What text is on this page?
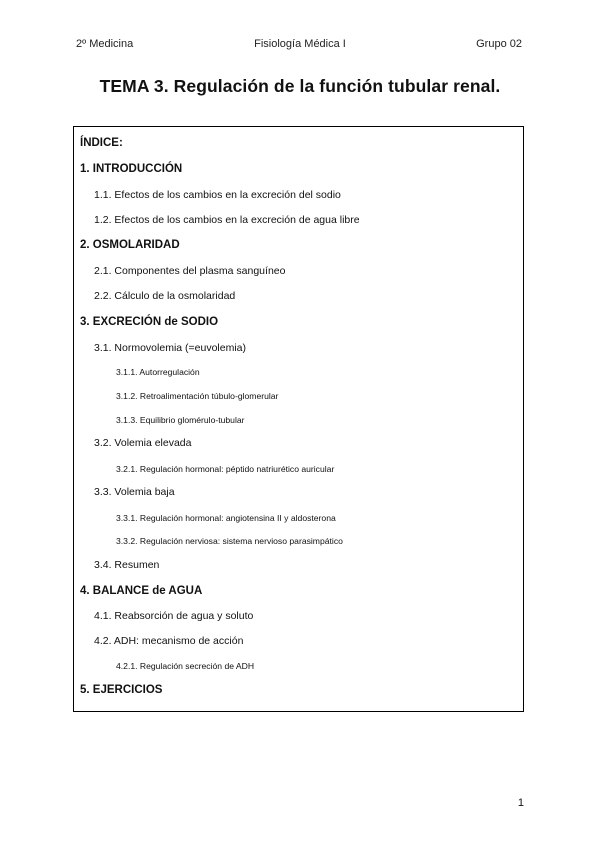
2º Medicina	Fisiología Médica I	Grupo 02
TEMA 3. Regulación de la función tubular renal.
ÍNDICE:
1. INTRODUCCIÓN
1.1. Efectos de los cambios en la excreción del sodio
1.2. Efectos de los cambios en la excreción de agua libre
2. OSMOLARIDAD
2.1. Componentes del plasma sanguíneo
2.2. Cálculo de la osmolaridad
3. EXCRECIÓN de SODIO
3.1. Normovolemia (=euvolemia)
3.1.1. Autorregulación
3.1.2. Retroalimentación túbulo-glomerular
3.1.3. Equilibrio glomérulo-tubular
3.2. Volemia elevada
3.2.1. Regulación hormonal: péptido natriurético auricular
3.3. Volemia baja
3.3.1. Regulación hormonal: angiotensina II y aldosterona
3.3.2. Regulación nerviosa: sistema nervioso parasimpático
3.4. Resumen
4. BALANCE de AGUA
4.1. Reabsorción de agua y soluto
4.2. ADH: mecanismo de acción
4.2.1. Regulación secreción de ADH
5. EJERCICIOS
1
